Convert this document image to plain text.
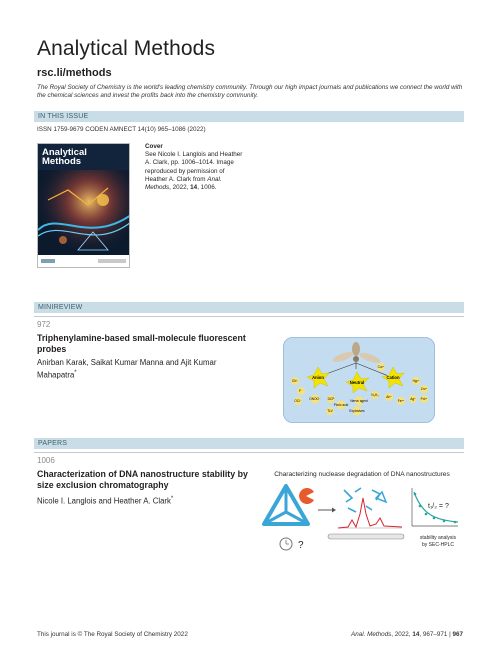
Analytical Methods
rsc.li/methods
The Royal Society of Chemistry is the world's leading chemistry community. Through our high impact journals and publications we connect the world with the chemical sciences and invest the profits back into the chemistry community.
IN THIS ISSUE
ISSN 1759-9679 CODEN AMNECT 14(10) 965–1086 (2022)
Analytical Methods
Cover
See Nicole I. Langlois and Heather A. Clark, pp. 1006–1014. Image reproduced by permission of Heather A. Clark from Anal. Methods, 2022, 14, 1006.
MINIREVIEW
972
Triphenylamine-based small-molecule fluorescent probes
Anirban Karak, Saikat Kumar Manna and Ajit Kumar Mahapatra*
Anion
Neutral
Cation
CN⁻
F⁻
OCl⁻ ONOO⁻ DCP
Picric acid
TLV
N₂H₄
Nerve agent
Explosives
Cu²⁺
Hg²⁺
Zn²⁺
Al³⁺
Fe³⁺ Ag⁺ Pd²⁺
PAPERS
1006
Characterization of DNA nanostructure stability by size exclusion chromatography
Nicole I. Langlois and Heather A. Clark*
Characterizing nuclease degradation of DNA nanostructures
?
t₁/₂ = ?
stability analysis
by SEC-HPLC
This journal is © The Royal Society of Chemistry 2022	Anal. Methods, 2022, 14, 967–971 | 967
